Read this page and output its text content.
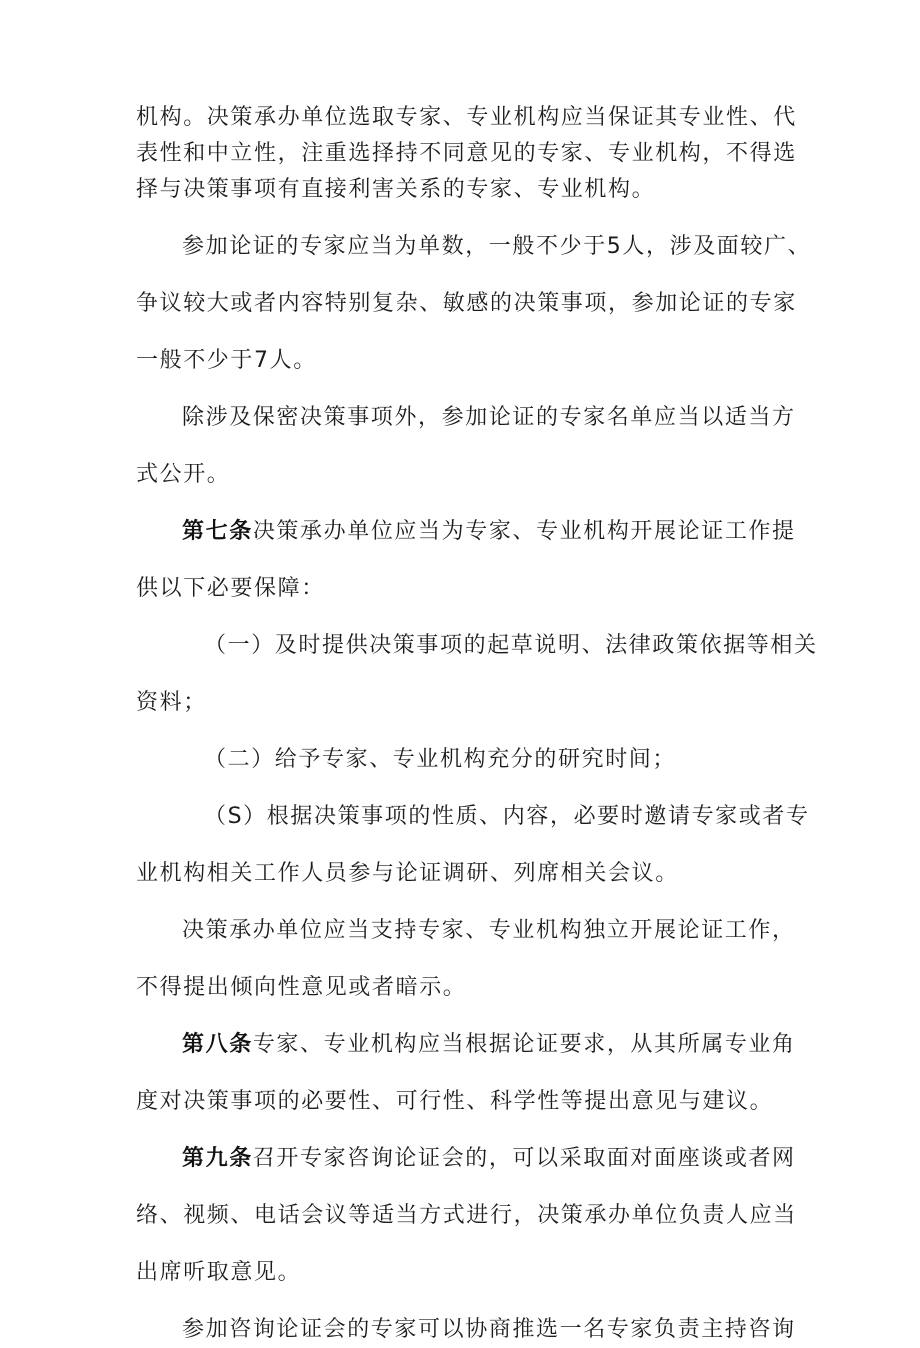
机构。决策承办单位选取专家、专业机构应当保证其专业性、代
表性和中立性，注重选择持不同意见的专家、专业机构，不得选
择与决策事项有直接利害关系的专家、专业机构。
参加论证的专家应当为单数，一般不少于5人，涉及面较广、
争议较大或者内容特别复杂、敏感的决策事项，参加论证的专家
一般不少于7人。
除涉及保密决策事项外，参加论证的专家名单应当以适当方
式公开。
第七条决策承办单位应当为专家、专业机构开展论证工作提
供以下必要保障：
（一）及时提供决策事项的起草说明、法律政策依据等相关
资料；
（二）给予专家、专业机构充分的研究时间；
（S）根据决策事项的性质、内容，必要时邀请专家或者专
业机构相关工作人员参与论证调研、列席相关会议。
决策承办单位应当支持专家、专业机构独立开展论证工作，
不得提出倾向性意见或者暗示。
第八条专家、专业机构应当根据论证要求，从其所属专业角
度对决策事项的必要性、可行性、科学性等提出意见与建议。
第九条召开专家咨询论证会的，可以采取面对面座谈或者网
络、视频、电话会议等适当方式进行，决策承办单位负责人应当
出席听取意见。
参加咨询论证会的专家可以协商推选一名专家负责主持咨询
